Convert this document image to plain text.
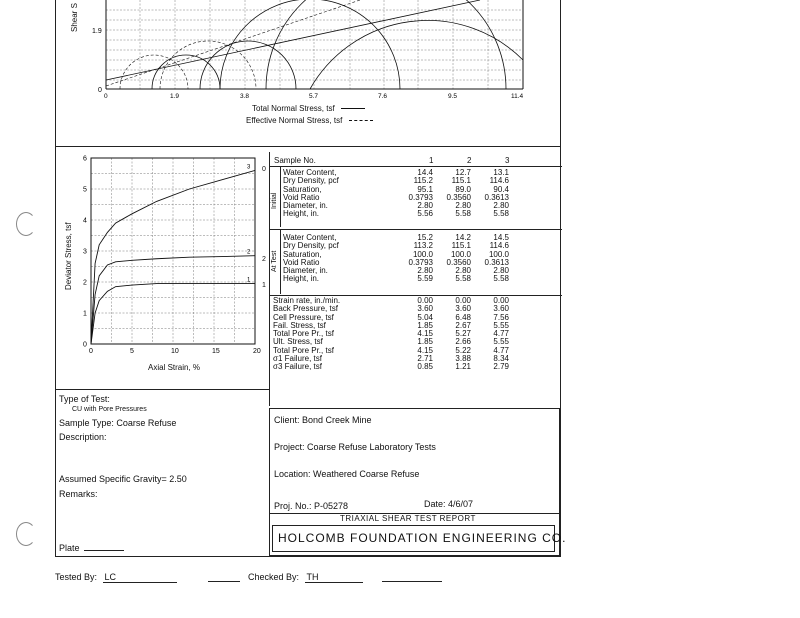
1.9
0
0	1.9	3.8	5.7	7.6	9.5	11.4
Shear S
Total Normal Stress, tsf
Effective Normal Stress, tsf
0
1
2
3
4
5
6
0	5	10	15	20
1
2
3
Deviator Stress, tsf
Axial Strain, %
Sample No.	1	2	3
0
Initial
Water Content,	14.4	12.7	13.1
Dry Density, pcf	115.2	115.1	114.6
Saturation,	95.1	89.0	90.4
Void Ratio	0.3793	0.3560	0.3613
Diameter, in.	2.80	2.80	2.80
Height, in.	5.56	5.58	5.58
2
1
At Test
Water Content,	15.2	14.2	14.5
Dry Density, pcf	113.2	115.1	114.6
Saturation,	100.0	100.0	100.0
Void Ratio	0.3793	0.3560	0.3613
Diameter, in.	2.80	2.80	2.80
Height, in.	5.59	5.58	5.58
Strain rate, in./min.	0.00	0.00	0.00
Back Pressure, tsf	3.60	3.60	3.60
Cell Pressure, tsf	5.04	6.48	7.56
Fail. Stress, tsf	1.85	2.67	5.55
Total Pore Pr., tsf	4.15	5.27	4.77
Ult. Stress, tsf	1.85	2.66	5.55
Total Pore Pr., tsf	4.15	5.22	4.77
σ1 Failure, tsf	2.71	3.88	8.34
σ3 Failure, tsf	0.85	1.21	2.79
Type of Test:
CU with Pore Pressures
Sample Type: Coarse Refuse
Description:
Assumed Specific Gravity= 2.50
Remarks:
Plate
Client: Bond Creek Mine
Project: Coarse Refuse Laboratory Tests
Location: Weathered Coarse Refuse
Proj. No.: P-05278	Date: 4/6/07
TRIAXIAL SHEAR TEST REPORT
HOLCOMB FOUNDATION ENGINEERING CO.
Tested By: LC	Checked By: TH
